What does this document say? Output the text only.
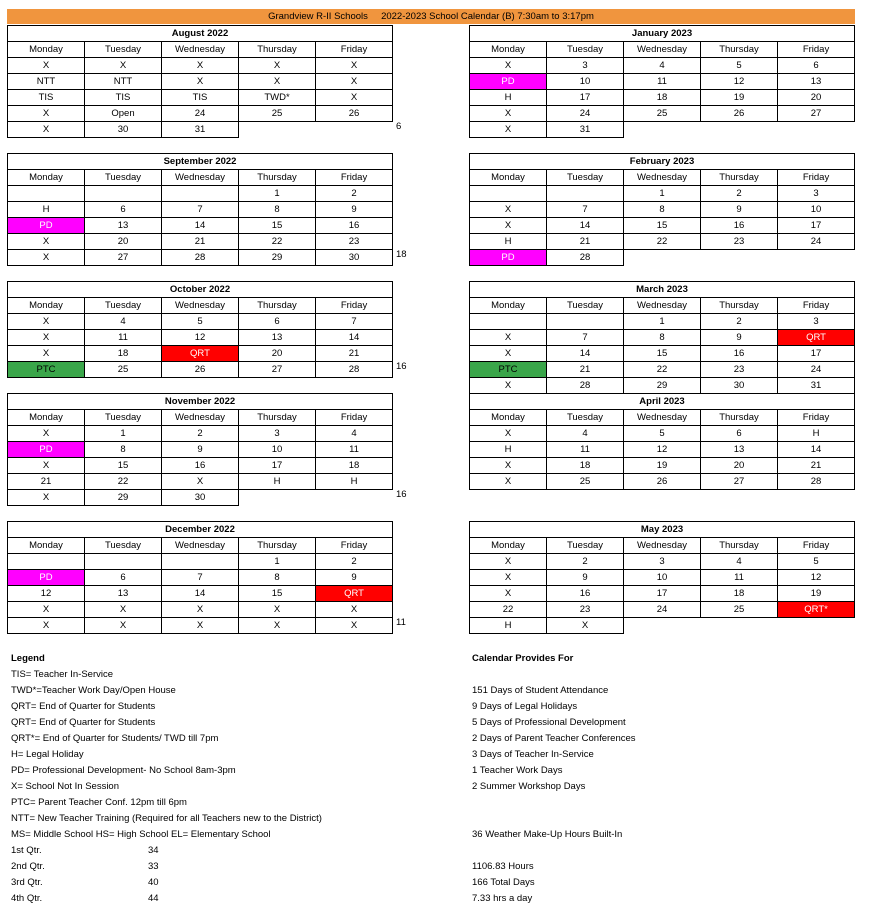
Grandview R-II Schools     2022-2023 School Calendar (B) 7:30am to 3:17pm
August 2022				
Monday	Tuesday	Wednesday	Thursday	Friday
X	X	X	X	X
NTT	NTT	X	X	X
TIS	TIS	TIS	TWD*	X
X	Open	24	25	26
X	30	31			6
September 2022				
Monday	Tuesday	Wednesday	Thursday	Friday
			1	2
H	6	7	8	9
PD	13	14	15	16
X	20	21	22	23
X	27	28	29	30	18
October 2022				
Monday	Tuesday	Wednesday	Thursday	Friday
X	4	5	6	7
X	11	12	13	14
X	18	QRT	20	21
PTC	25	26	27	28	16
November 2022				
Monday	Tuesday	Wednesday	Thursday	Friday
X	1	2	3	4
PD	8	9	10	11
X	15	16	17	18
21	22	X	H	H
X	29	30			16
December 2022				
Monday	Tuesday	Wednesday	Thursday	Friday
			1	2
PD	6	7	8	9
12	13	14	15	QRT
X	X	X	X	X
X	X	X	X	X	11
January 2023				
Monday	Tuesday	Wednesday	Thursday	Friday
X	3	4	5	6
PD	10	11	12	13
H	17	18	19	20
X	24	25	26	27
X	31			
February 2023				
Monday	Tuesday	Wednesday	Thursday	Friday
		1	2	3
X	7	8	9	10
X	14	15	16	17
H	21	22	23	24
PD	28			
March 2023				
Monday	Tuesday	Wednesday	Thursday	Friday
		1	2	3
X	7	8	9	QRT
X	14	15	16	17
PTC	21	22	23	24
X	28	29	30	31
April 2023				
Monday	Tuesday	Wednesday	Thursday	Friday
X	4	5	6	H
H	11	12	13	14
X	18	19	20	21
X	25	26	27	28
May 2023				
Monday	Tuesday	Wednesday	Thursday	Friday
X	2	3	4	5
X	9	10	11	12
X	16	17	18	19
22	23	24	25	QRT*
H	X			
Legend
TIS= Teacher In-Service
TWD*=Teacher Work Day/Open House
QRT= End of Quarter for Students
QRT= End of Quarter for Students
QRT*= End of Quarter for Students/ TWD till 7pm
H= Legal Holiday
PD= Professional Development- No School 8am-3pm
X= School Not In Session
PTC= Parent Teacher Conf. 12pm till 6pm
NTT= New Teacher Training (Required for all Teachers new to the District)
MS= Middle School HS= High School EL= Elementary School
1st Qtr.	34
2nd Qtr.	33
3rd Qtr.	40
4th Qtr.	44
Calendar Provides For
151 Days of Student Attendance
9 Days of Legal Holidays
5 Days of Professional Development
2 Days of Parent Teacher Conferences
3 Days of Teacher In-Service
1 Teacher Work Days
2 Summer Workshop Days
36 Weather Make-Up Hours Built-In
1106.83 Hours
166 Total Days
7.33 hrs a day
